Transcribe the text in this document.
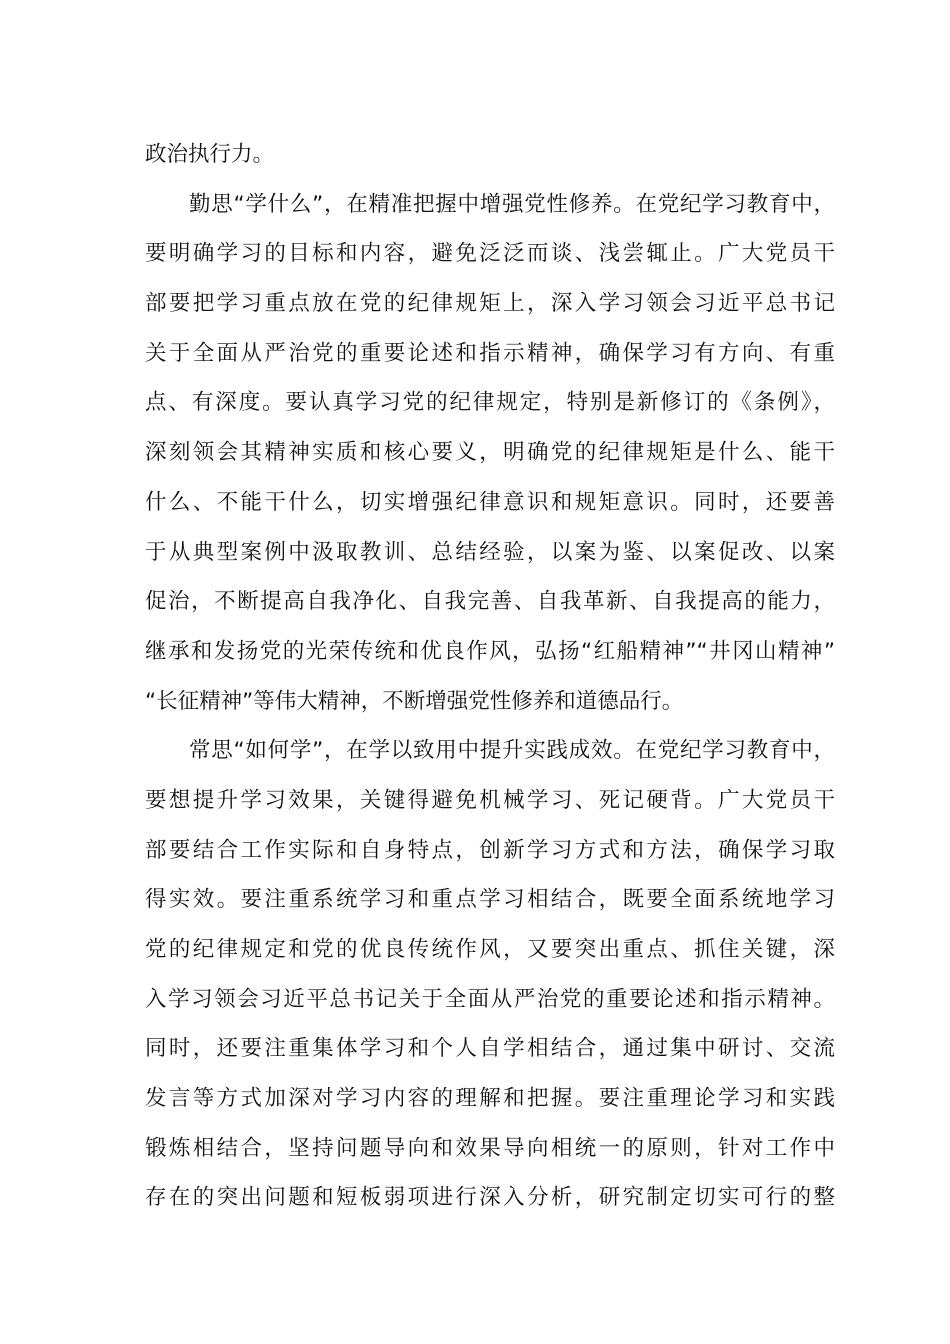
政治执行力。
勤思“学什么”，在精准把握中增强党性修养。在党纪学习教育中，
要明确学习的目标和内容，避免泛泛而谈、浅尝辄止。广大党员干
部要把学习重点放在党的纪律规矩上，深入学习领会习近平总书记
关于全面从严治党的重要论述和指示精神，确保学习有方向、有重
点、有深度。要认真学习党的纪律规定，特别是新修订的《条例》，
深刻领会其精神实质和核心要义，明确党的纪律规矩是什么、能干
什么、不能干什么，切实增强纪律意识和规矩意识。同时，还要善
于从典型案例中汲取教训、总结经验，以案为鉴、以案促改、以案
促治，不断提高自我净化、自我完善、自我革新、自我提高的能力，
继承和发扬党的光荣传统和优良作风，弘扬“红船精神”“井冈山精神”
“长征精神”等伟大精神，不断增强党性修养和道德品行。
常思“如何学”，在学以致用中提升实践成效。在党纪学习教育中，
要想提升学习效果，关键得避免机械学习、死记硬背。广大党员干
部要结合工作实际和自身特点，创新学习方式和方法，确保学习取
得实效。要注重系统学习和重点学习相结合，既要全面系统地学习
党的纪律规定和党的优良传统作风，又要突出重点、抓住关键，深
入学习领会习近平总书记关于全面从严治党的重要论述和指示精神。
同时，还要注重集体学习和个人自学相结合，通过集中研讨、交流
发言等方式加深对学习内容的理解和把握。要注重理论学习和实践
锻炼相结合，坚持问题导向和效果导向相统一的原则，针对工作中
存在的突出问题和短板弱项进行深入分析，研究制定切实可行的整
